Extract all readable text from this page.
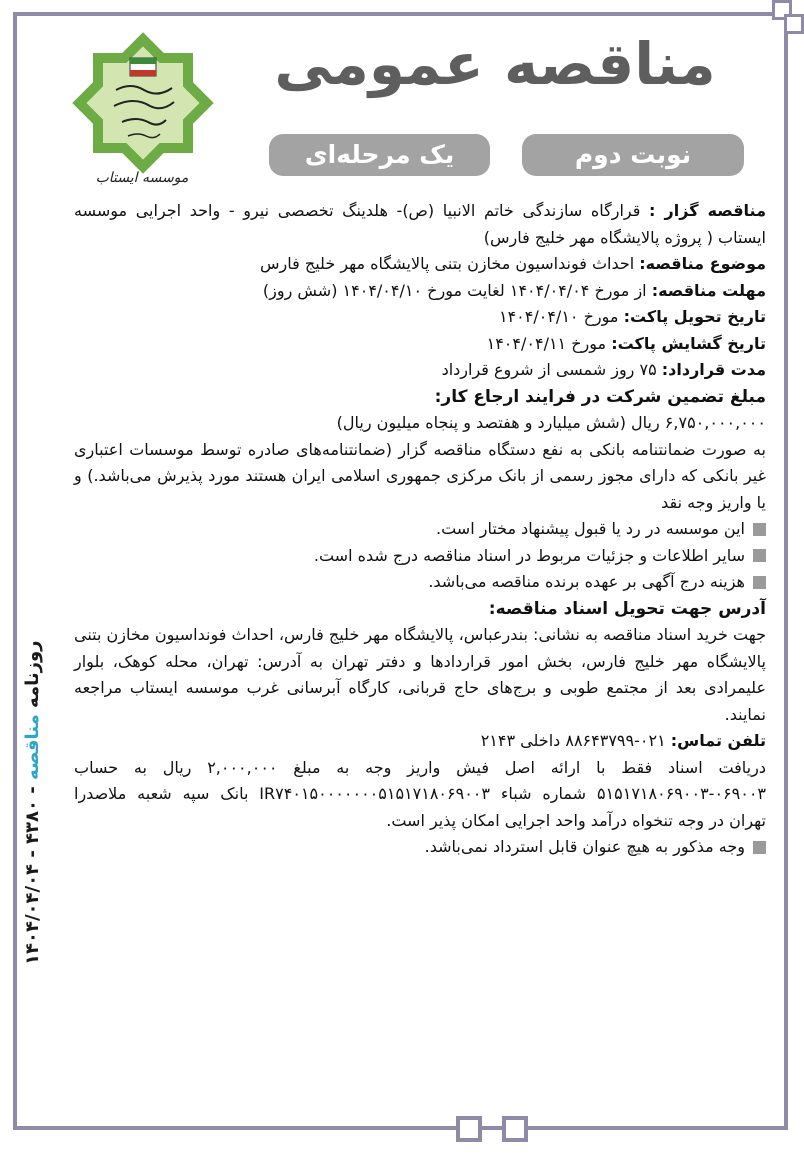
موسسه ایستاب
مناقصه عمومی
نوبت دوم
یک مرحله‌ای

مناقصه گزار : قرارگاه سازندگی خاتم الانبیا (ص)- هلدینگ تخصصی نیرو - واحد اجرایی موسسه ایستاب ( پروژه پالایشگاه مهر خلیج فارس)

موضوع مناقصه: احداث فونداسیون مخازن بتنی پالایشگاه مهر خلیج فارس

مهلت مناقصه: از مورخ ۱۴۰۴/۰۴/۰۴ لغایت مورخ ۱۴۰۴/۰۴/۱۰ (شش روز)

تاریخ تحویل پاکت: مورخ ۱۴۰۴/۰۴/۱۰

تاریخ گشایش پاکت: مورخ ۱۴۰۴/۰۴/۱۱

مدت قرارداد: ۷۵ روز شمسی از شروع قرارداد

مبلغ تضمین شرکت در فرایند ارجاع کار:

۶,۷۵۰,۰۰۰,۰۰۰ ریال (شش میلیارد و هفتصد و پنجاه میلیون ریال)

به صورت ضمانتنامه بانکی به نفع دستگاه مناقصه گزار (ضمانتنامه‌های صادره توسط موسسات اعتباری غیر بانکی که دارای مجوز رسمی از بانک مرکزی جمهوری اسلامی ایران هستند مورد پذیرش می‌باشد.) و یا واریز وجه نقد

این موسسه در رد یا قبول پیشنهاد مختار است.
سایر اطلاعات و جزئیات مربوط در اسناد مناقصه درج شده است.
هزینه درج آگهی بر عهده برنده مناقصه می‌باشد.

آدرس جهت تحویل اسناد مناقصه:

جهت خرید اسناد مناقصه به نشانی: بندرعباس، پالایشگاه مهر خلیج فارس، احداث فونداسیون مخازن بتنی پالایشگاه مهر خلیج فارس، بخش امور قراردادها و دفتر تهران به آدرس: تهران، محله کوهک، بلوار علیمرادی بعد از مجتمع طوبی و برج‌های حاج قربانی، کارگاه آبرسانی غرب موسسه ایستاب مراجعه نمایند.

تلفن تماس: ۰۲۱-۸۸۶۴۳۷۹۹ داخلی ۲۱۴۳

دریافت اسناد فقط با ارائه اصل فیش واریز وجه به مبلغ ۲,۰۰۰,۰۰۰ ریال به حساب ۰۶۹۰۰۳-۵۱۵۱۷۱۸۰۶۹۰۰۳ شماره شباء IR۷۴۰۱۵۰۰۰۰۰۰۰۵۱۵۱۷۱۸۰۶۹۰۰۳ بانک سپه شعبه ملاصدرا تهران در وجه تنخواه درآمد واحد اجرایی امکان پذیر است.

وجه مذکور به هیچ عنوان قابل استرداد نمی‌باشد.
روزنامه مناقصه - ۴۳۸۰ - ۱۴۰۴/۰۴/۰۴
